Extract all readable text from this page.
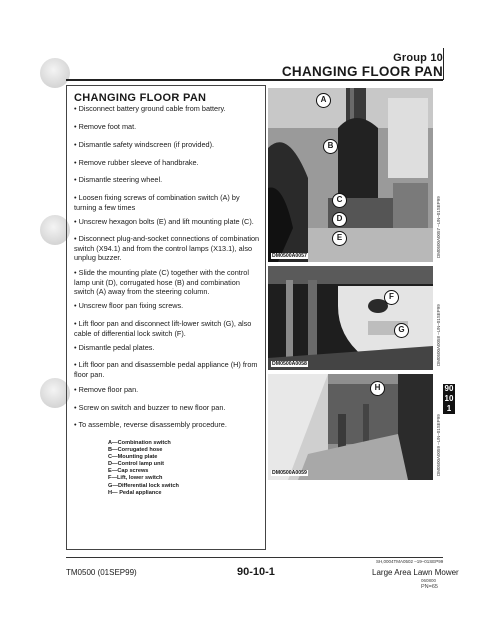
Group 10
CHANGING FLOOR PAN
CHANGING FLOOR PAN
• Disconnect battery ground cable from battery.
• Remove foot mat.
• Dismantle safety windscreen (if provided).
• Remove rubber sleeve of handbrake.
• Dismantle steering wheel.
• Loosen fixing screws of combination switch (A) by turning a few times
• Unscrew hexagon bolts (E) and lift mounting plate (C).
• Disconnect plug-and-socket connections of combination switch (X94.1) and from the control lamps (X13.1), also unplug buzzer.
• Slide the mounting plate (C) together with the control lamp unit (D), corrugated hose (B) and combination switch (A) away from the steering column.
• Unscrew floor pan fixing screws.
• Lift floor pan and disconnect lift-lower switch (G), also cable of differential lock switch (F).
• Dismantle pedal plates.
• Lift floor pan and disassemble pedal appliance (H) from floor pan.
• Remove floor pan.
• Screw on switch and buzzer to new floor pan.
• To assemble, reverse disassembly procedure.
A—Combination switch
B—Corrugated hose
C—Mounting plate
D—Control lamp unit
E—Cap screws
F—Lift, lower switch
G—Differential lock switch
H— Pedal appliance
A
B
C
D
E
DM0500A0057	DM0500A0057 –UN–01SEP99
F
G
DM0500A0058	DM0500A0058 –UN–01SEP99
H
DM0500A0059	DM0500A0059 –UN–01SEP99
90
10
1
SH,0004TMA0502 –19–01SEP99
TM0500 (01SEP99)	90-10-1	Large Area Lawn Mower
060800
PN=65
